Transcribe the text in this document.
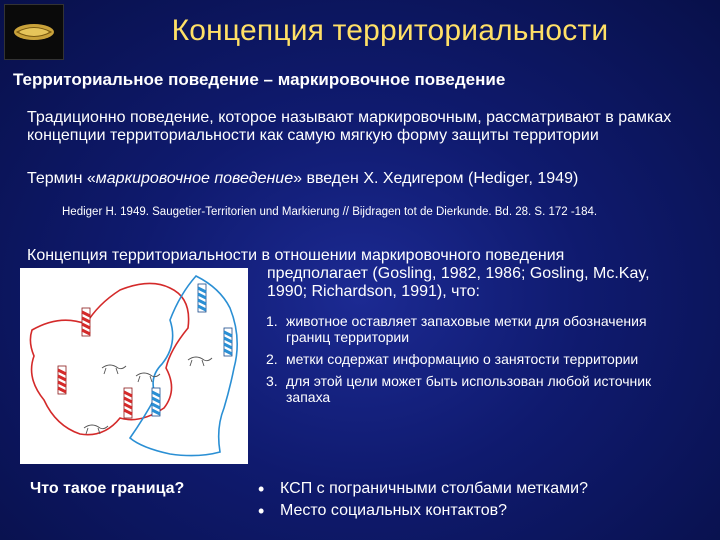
Концепция территориальности
Территориальное поведение – маркировочное поведение
Традиционно поведение, которое называют маркировочным, рассматривают в рамках концепции территориальности как самую мягкую форму защиты территории
Термин «маркировочное поведение» введен Х. Хедигером (Hediger, 1949)
Hediger H. 1949. Saugetier-Territorien und Markierung // Bijdragen tot de Dierkunde. Bd. 28. S. 172 -184.
Концепция территориальности в отношении маркировочного поведения
предполагает (Gosling, 1982, 1986; Gosling, Mc.Kay, 1990; Richardson, 1991), что:
1. животное оставляет запаховые метки для обозначения границ территории
2. метки содержат информацию о занятости территории
3. для этой цели может быть использован любой источник запаха
Что такое граница?	• КСП с пограничными столбами метками?
• Место социальных контактов?
